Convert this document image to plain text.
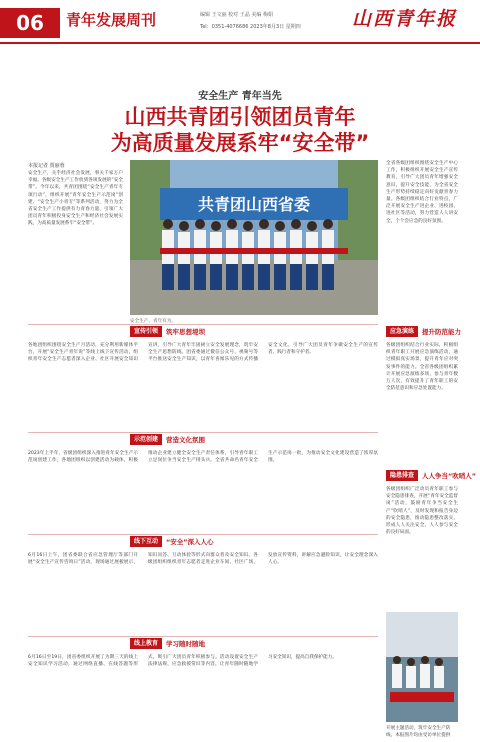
06	青年发展周刊	编辑 王文丽 校对 王晶 美编 梅娟
Tel：0351-4076686 2023年8月3日 星期四	山西青年报
安全生产 青年当先
山西共青团引领团员青年
为高质量发展系牢“安全带”
本报记者 贾丽蓉
安全生产，关乎经济社会发展，事关千家万户幸福。各级安全生产工作放到各项发展的“安全带”。今年以来，共青团围绕“安全生产青年专项行动”，组织开展“青年安全生产示范岗”创建、“安全生产小青专”等系列活动，努力为全省安全生产工作提供有力青春力量，引领广大团员青年积极投身安全生产和经济社会发展实践，为高质量发展系牢“安全带”。
共青团山西省委
安全生产，青年有为。
全省各级团组织围绕安全生产中心工作，积极组织开展安全生产宣传教育，引导广大团员青年增强安全意识，提升安全技能，为全省安全生产形势持续稳定向好贡献青春力量。各级团组织结合行业特点，广泛开展安全生产进企业、进校园、进社区等活动，努力营造人人讲安全、个个会应急的良好氛围。
宣传引领	筑牢思想堤坝
各地团组织围绕安全生产月活动，充分利用新媒体平台，开展“安全生产青年说”等线上线下宣传活动，组织青年安全生产志愿者深入企业、社区开展安全知识宣讲，引导广大青年牢固树立安全发展理念，筑牢安全生产思想防线。团省委通过微信公众号、视频号等平台推送安全生产知识，以青年喜闻乐见的方式传播安全文化，引导广大团员青年争做安全生产的宣传者、践行者和守护者。
示范创建	营造文化氛围
2023年上半年，省级团组织深入推进青年安全生产示范岗创建工作，各地团组织以创建活动为载体，积极推动企业建立健全安全生产责任体系，引导青年职工立足岗位争当安全生产排头兵。全省共命名青年安全生产示范岗一批，为推动安全文化建设营造了浓厚氛围。
线下互动	“安全”深入人心
6月16日上午，团省委联合省应急管理厅等部门开展“安全生产宣传咨询日”活动，现场通过展板展示、知识问答、互动体验等形式向群众普及安全知识。各级团组织组织青年志愿者走进企业车间、社区广场，发放宣传资料，讲解应急避险知识，让安全理念深入人心。
线上教育	学习随时随地
6月16日至19日，团省委组织开展了为期三天的线上安全知识学习活动，通过网络直播、在线答题等形式，吸引广大团员青年积极参与。活动设置安全生产法律法规、应急救援常识等内容，让青年随时随地学习安全知识，提高自我保护能力。
应急演练	提升防范能力
各级团组织结合行业实际，积极组织青年职工开展应急演练活动，通过模拟真实场景，提升青年应对突发事件的能力。全省各级团组织累计开展应急演练多场，参与青年数万人次，有效提升了青年职工的安全防范意识和应急处置能力。
隐患排查	人人争当“吹哨人”
各级团组织广泛动员青年职工参与安全隐患排查，开展“青年安全监督岗”活动，鼓励青年争当安全生产“吹哨人”，及时发现和报告身边的安全隐患，推动隐患整改落实，形成人人关注安全、人人参与安全的良好局面。
开展主题活动，筑牢安全生产防线。本报图片均由受访单位提供
